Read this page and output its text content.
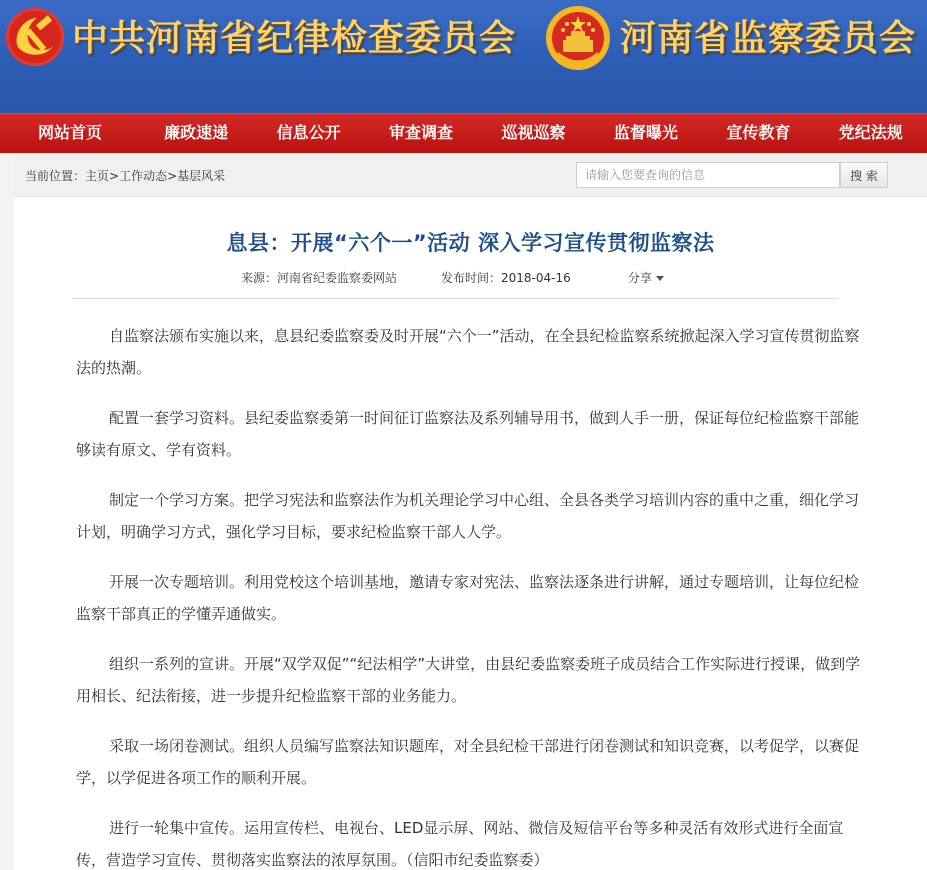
中共河南省纪律检查委员会	河南省监察委员会
网站首页	廉政速递	信息公开	审查调查	巡视巡察	监督曝光	宣传教育	党纪法规
当前位置：主页>工作动态>基层风采
请输入您要查询的信息	搜 索
息县：开展“六个一”活动 深入学习宣传贯彻监察法
来源：河南省纪委监察委网站	发布时间：2018-04-16	分享

自监察法颁布实施以来，息县纪委监察委及时开展“六个一”活动，在全县纪检监察系统掀起深入学习宣传贯彻监察法的热潮。

配置一套学习资料。县纪委监察委第一时间征订监察法及系列辅导用书，做到人手一册，保证每位纪检监察干部能够读有原文、学有资料。

制定一个学习方案。把学习宪法和监察法作为机关理论学习中心组、全县各类学习培训内容的重中之重，细化学习计划，明确学习方式，强化学习目标，要求纪检监察干部人人学。

开展一次专题培训。利用党校这个培训基地，邀请专家对宪法、监察法逐条进行讲解，通过专题培训，让每位纪检监察干部真正的学懂弄通做实。

组织一系列的宣讲。开展“双学双促”“纪法相学”大讲堂，由县纪委监察委班子成员结合工作实际进行授课，做到学用相长、纪法衔接，进一步提升纪检监察干部的业务能力。

采取一场闭卷测试。组织人员编写监察法知识题库，对全县纪检干部进行闭卷测试和知识竞赛，以考促学，以赛促学，以学促进各项工作的顺利开展。

进行一轮集中宣传。运用宣传栏、电视台、LED显示屏、网站、微信及短信平台等多种灵活有效形式进行全面宣传，营造学习宣传、贯彻落实监察法的浓厚氛围。（信阳市纪委监察委）
